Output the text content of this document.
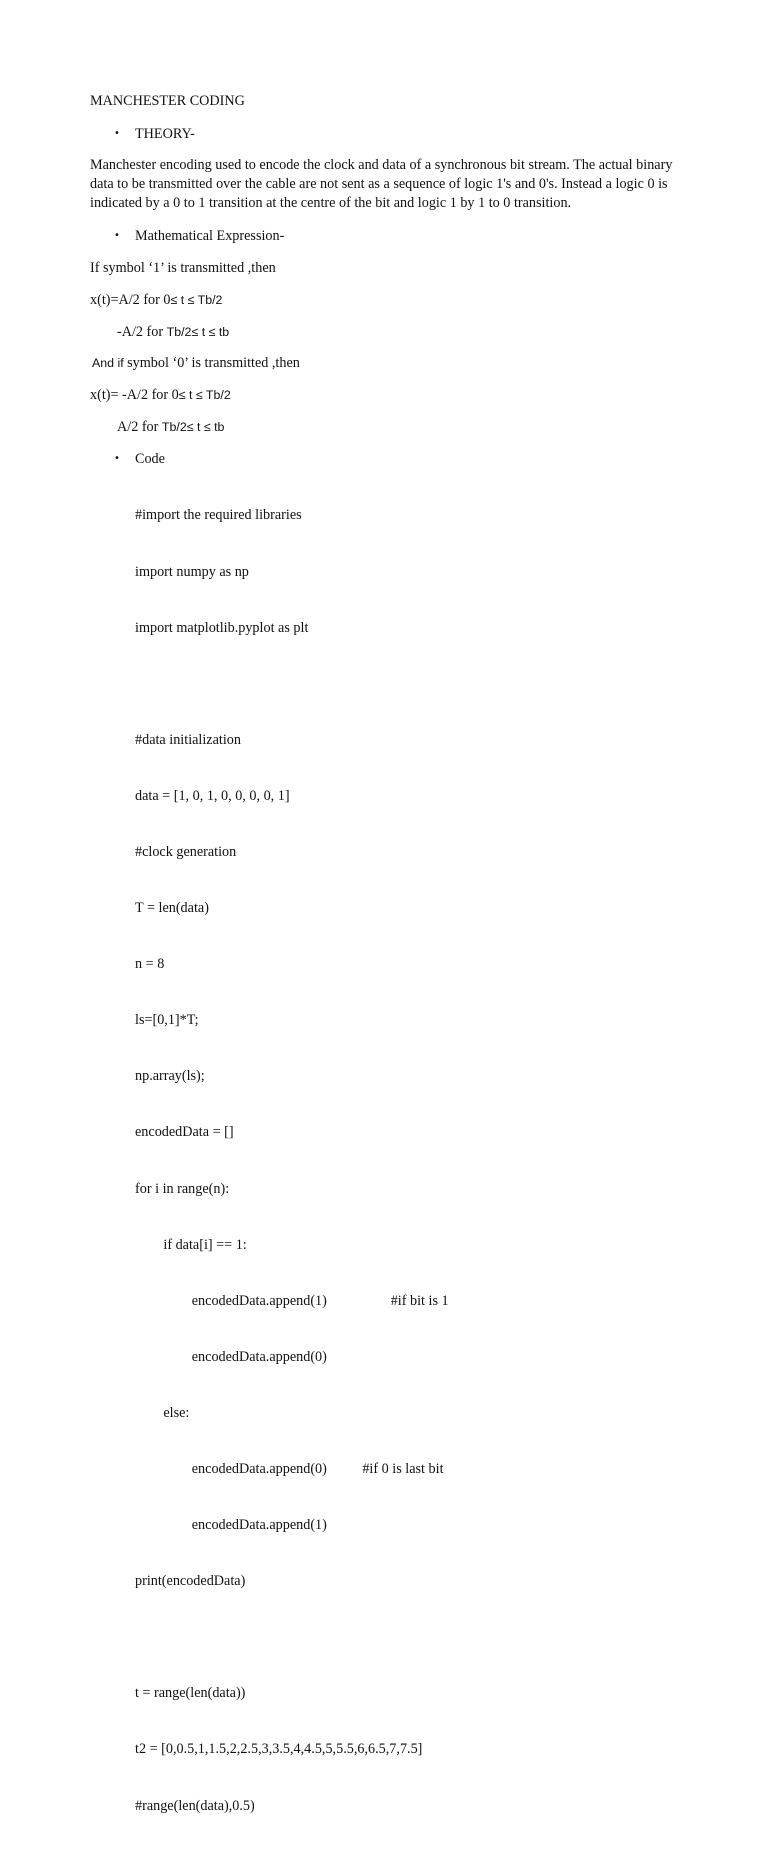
MANCHESTER CODING
• THEORY-
Manchester encoding used to encode the clock and data of a synchronous bit stream. The actual binary
data to be transmitted over the cable are not sent as a sequence of logic 1's and 0's. Instead a logic 0 is
indicated by a 0 to 1 transition at the centre of the bit and logic 1 by 1 to 0 transition.
• Mathematical Expression-
If symbol ‘1’ is transmitted ,then
x(t)=A/2 for 0≤ t ≤ Tb/2
-A/2 for Tb/2≤ t ≤ tb
And if symbol ‘0’ is transmitted ,then
x(t)= -A/2 for 0≤ t ≤ Tb/2
A/2 for Tb/2≤ t ≤ tb
• Code

#import the required libraries

import numpy as np

import matplotlib.pyplot as plt

#data initialization

data = [1, 0, 1, 0, 0, 0, 0, 1]

#clock generation

T = len(data)

n = 8

ls=[0,1]*T;

np.array(ls);

encodedData = []

for i in range(n):

if data[i] == 1:

encodedData.append(1)                  #if bit is 1

encodedData.append(0)

else:

encodedData.append(0)          #if 0 is last bit

encodedData.append(1)

print(encodedData)

t = range(len(data))

t2 = [0,0.5,1,1.5,2,2.5,3,3.5,4,4.5,5,5.5,6,6.5,7,7.5]

#range(len(data),0.5)
